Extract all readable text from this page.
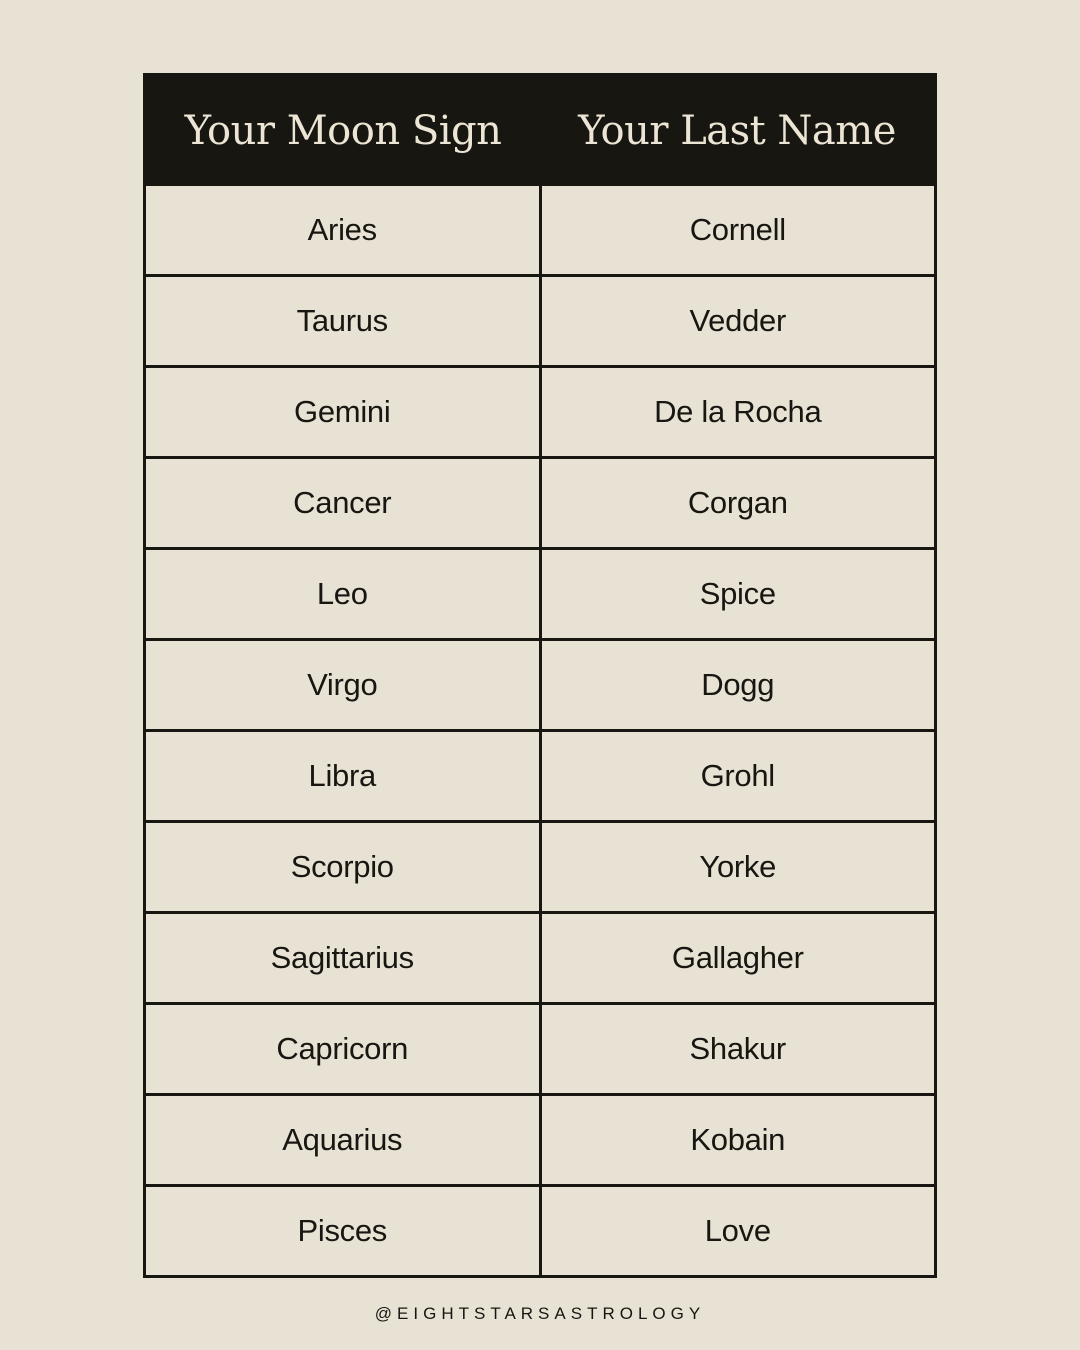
Your Moon Sign	Your Last Name
Aries	Cornell
Taurus	Vedder
Gemini	De la Rocha
Cancer	Corgan
Leo	Spice
Virgo	Dogg
Libra	Grohl
Scorpio	Yorke
Sagittarius	Gallagher
Capricorn	Shakur
Aquarius	Kobain
Pisces	Love
@EIGHTSTARSASTROLOGY
